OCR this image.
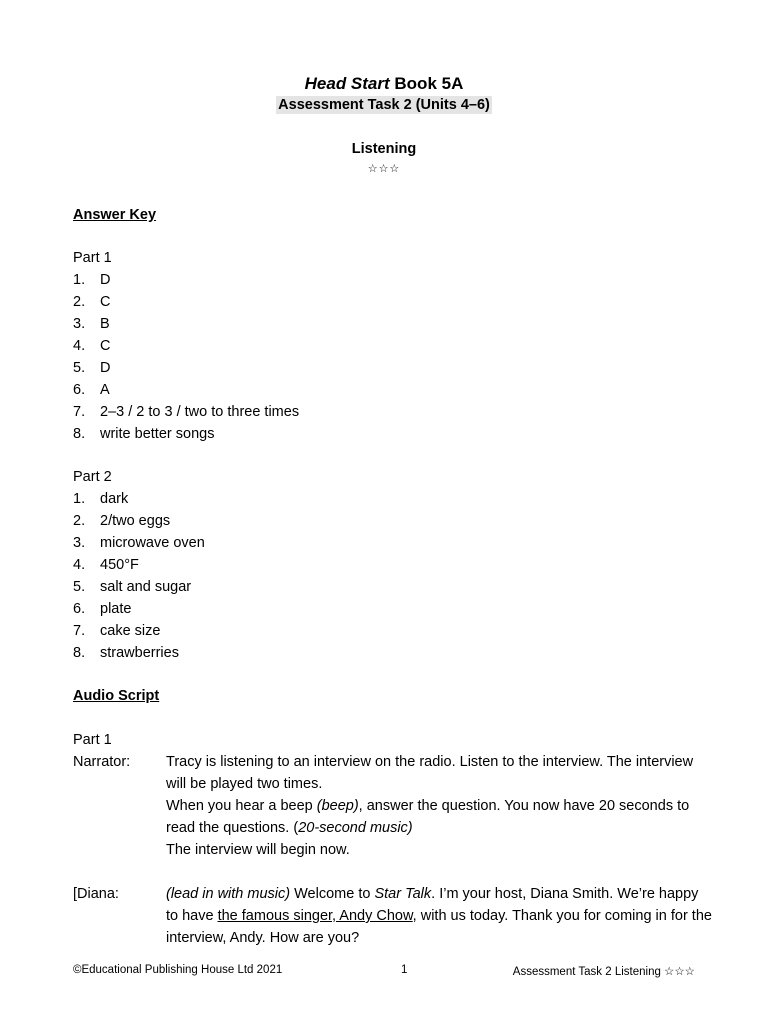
Head Start Book 5A
Assessment Task 2 (Units 4–6)
Listening
☆☆☆
Answer Key
Part 1
1. D
2. C
3. B
4. C
5. D
6. A
7. 2–3 / 2 to 3 / two to three times
8. write better songs
Part 2
1. dark
2. 2/two eggs
3. microwave oven
4. 450°F
5. salt and sugar
6. plate
7. cake size
8. strawberries
Audio Script
Part 1
Narrator:	Tracy is listening to an interview on the radio. Listen to the interview. The interview will be played two times.
When you hear a beep (beep), answer the question. You now have 20 seconds to read the questions. (20-second music)
The interview will begin now.
[Diana:	(lead in with music) Welcome to Star Talk. I’m your host, Diana Smith. We’re happy to have the famous singer, Andy Chow, with us today. Thank you for coming in for the interview, Andy. How are you?
©Educational Publishing House Ltd 2021	1	Assessment Task 2 Listening ☆☆☆
